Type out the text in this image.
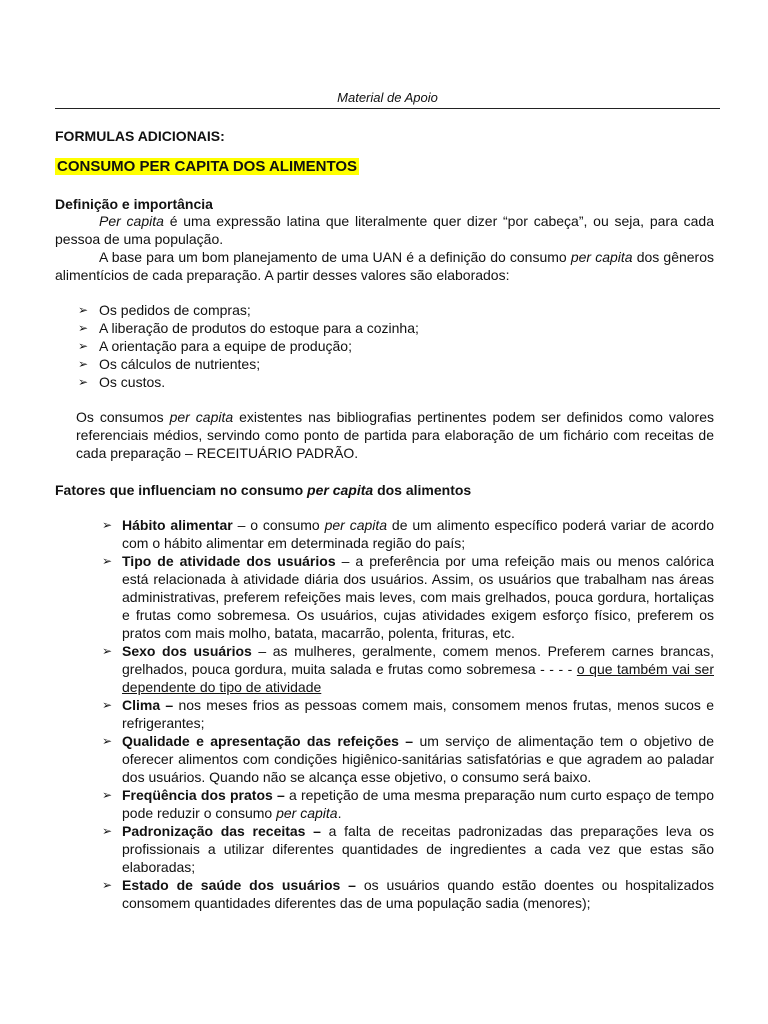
Material de Apoio
FORMULAS ADICIONAIS:
CONSUMO PER CAPITA DOS ALIMENTOS
Definição e importância
Per capita é uma expressão latina que literalmente quer dizer “por cabeça”, ou seja, para cada pessoa de uma população.
A base para um bom planejamento de uma UAN é a definição do consumo per capita dos gêneros alimentícios de cada preparação. A partir desses valores são elaborados:
➢ Os pedidos de compras;
➢ A liberação de produtos do estoque para a cozinha;
➢ A orientação para a equipe de produção;
➢ Os cálculos de nutrientes;
➢ Os custos.
Os consumos per capita existentes nas bibliografias pertinentes podem ser definidos como valores referenciais médios, servindo como ponto de partida para elaboração de um fichário com receitas de cada preparação – RECEITUÁRIO PADRÃO.
Fatores que influenciam no consumo per capita dos alimentos
➢ Hábito alimentar – o consumo per capita de um alimento específico poderá variar de acordo com o hábito alimentar em determinada região do país;
➢ Tipo de atividade dos usuários – a preferência por uma refeição mais ou menos calórica está relacionada à atividade diária dos usuários. Assim, os usuários que trabalham nas áreas administrativas, preferem refeições mais leves, com mais grelhados, pouca gordura, hortaliças e frutas como sobremesa. Os usuários, cujas atividades exigem esforço físico, preferem os pratos com mais molho, batata, macarrão, polenta, frituras, etc.
➢ Sexo dos usuários – as mulheres, geralmente, comem menos. Preferem carnes brancas, grelhados, pouca gordura, muita salada e frutas como sobremesa - - - - o que também vai ser dependente do tipo de atividade
➢ Clima – nos meses frios as pessoas comem mais, consomem menos frutas, menos sucos e refrigerantes;
➢ Qualidade e apresentação das refeições – um serviço de alimentação tem o objetivo de oferecer alimentos com condições higiênico-sanitárias satisfatórias e que agradem ao paladar dos usuários. Quando não se alcança esse objetivo, o consumo será baixo.
➢ Freqüência dos pratos – a repetição de uma mesma preparação num curto espaço de tempo pode reduzir o consumo per capita.
➢ Padronização das receitas – a falta de receitas padronizadas das preparações leva os profissionais a utilizar diferentes quantidades de ingredientes a cada vez que estas são elaboradas;
➢ Estado de saúde dos usuários – os usuários quando estão doentes ou hospitalizados consomem quantidades diferentes das de uma população sadia (menores);
